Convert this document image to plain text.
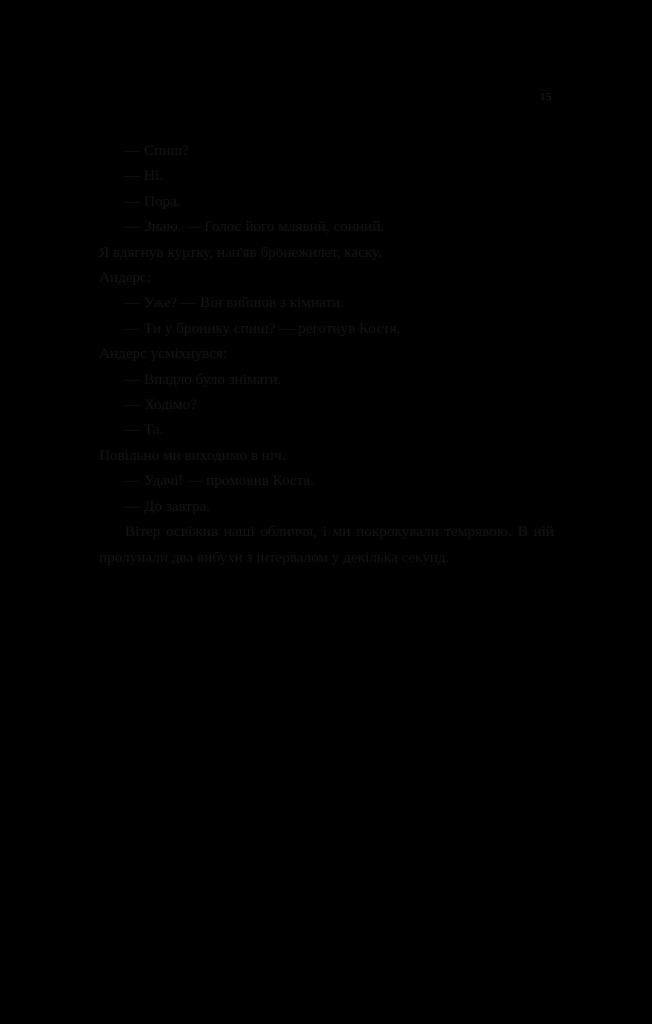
15

— Спиш?

— Ні.

— Пора.

— Знаю. — Голос його млявий, сонний.

Я вдягнув куртку, нап'яв бронежилет, каску.

Андерс:

— Уже? — Він вийшов з кімнати.

— Ти у бронику спиш? — реготнув Костя.

Андерс усміхнувся:

— Впадло було знімати.

— Ходімо?

— Та.

Повільно ми виходимо в ніч.

— Удачі! — промовив Костя.

— До завтра.

Вітер освіжив наші обличчя, і ми покрокували темрявою. В ній пролунали два вибухи з інтервалом у декілька секунд.
